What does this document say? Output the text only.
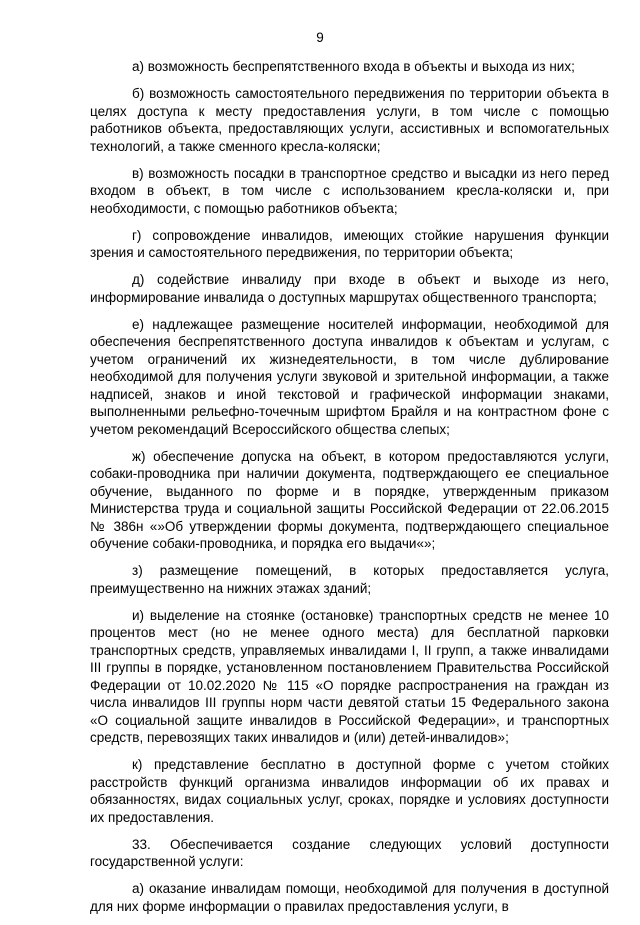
9

а) возможность беспрепятственного входа в объекты и выхода из них;

б) возможность самостоятельного передвижения по территории объекта в целях доступа к месту предоставления услуги, в том числе с помощью работников объекта, предоставляющих услуги, ассистивных и вспомогательных технологий, а также сменного кресла-коляски;

в) возможность посадки в транспортное средство и высадки из него перед входом в объект, в том числе с использованием кресла-коляски и, при необходимости, с помощью работников объекта;

г) сопровождение инвалидов, имеющих стойкие нарушения функции зрения и самостоятельного передвижения, по территории объекта;

д) содействие инвалиду при входе в объект и выходе из него, информирование инвалида о доступных маршрутах общественного транспорта;

е) надлежащее размещение носителей информации, необходимой для обеспечения беспрепятственного доступа инвалидов к объектам и услугам, с учетом ограничений их жизнедеятельности, в том числе дублирование необходимой для получения услуги звуковой и зрительной информации, а также надписей, знаков и иной текстовой и графической информации знаками, выполненными рельефно-точечным шрифтом Брайля и на контрастном фоне с учетом рекомендаций Всероссийского общества слепых;

ж) обеспечение допуска на объект, в котором предоставляются услуги, собаки-проводника при наличии документа, подтверждающего ее специальное обучение, выданного по форме и в порядке, утвержденным приказом Министерства труда и социальной защиты Российской Федерации от 22.06.2015 № 386н «»Об утверждении формы документа, подтверждающего специальное обучение собаки-проводника, и порядка его выдачи«»;

з) размещение помещений, в которых предоставляется услуга, преимущественно на нижних этажах зданий;

и) выделение на стоянке (остановке) транспортных средств не менее 10 процентов мест (но не менее одного места) для бесплатной парковки транспортных средств, управляемых инвалидами I, II групп, а также инвалидами III группы в порядке, установленном постановлением Правительства Российской Федерации от 10.02.2020 № 115 «О порядке распространения на граждан из числа инвалидов III группы норм части девятой статьи 15 Федерального закона «О социальной защите инвалидов в Российской Федерации», и транспортных средств, перевозящих таких инвалидов и (или) детей-инвалидов»;

к) представление бесплатно в доступной форме с учетом стойких расстройств функций организма инвалидов информации об их правах и обязанностях, видах социальных услуг, сроках, порядке и условиях доступности их предоставления.

33. Обеспечивается создание следующих условий доступности государственной услуги:

а) оказание инвалидам помощи, необходимой для получения в доступной для них форме информации о правилах предоставления услуги, в
